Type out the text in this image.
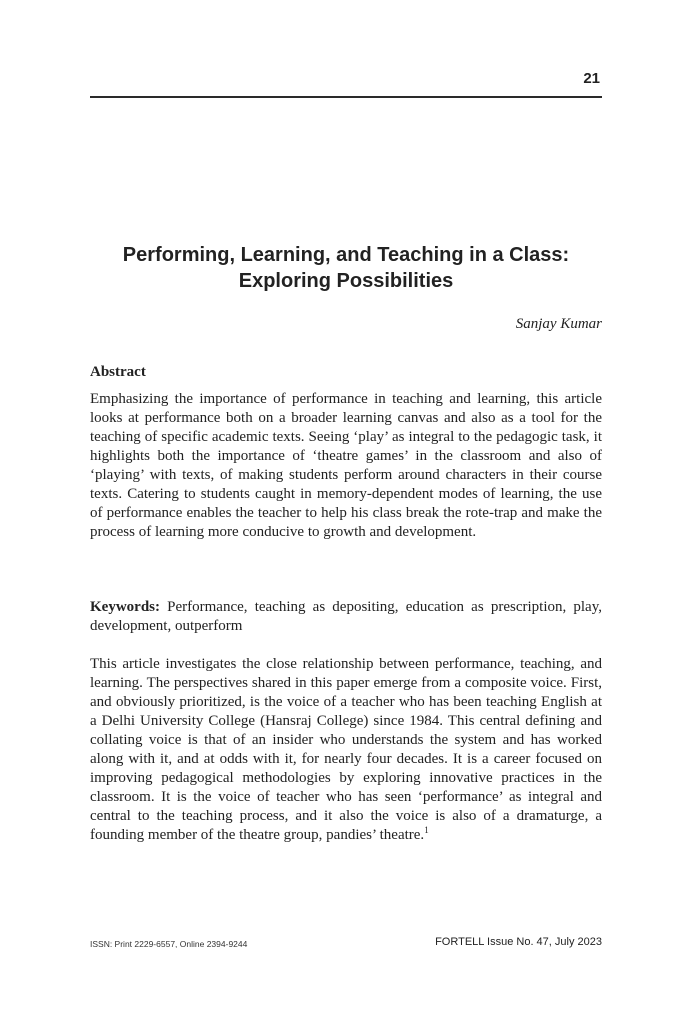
21
Performing, Learning, and Teaching in a Class:
Exploring Possibilities
Sanjay Kumar
Abstract

Emphasizing the importance of performance in teaching and learning, this article looks at performance both on a broader learning canvas and also as a tool for the teaching of specific academic texts. Seeing ‘play’ as integral to the pedagogic task, it highlights both the importance of ‘theatre games’ in the classroom and also of ‘playing’ with texts, of making students perform around characters in their course texts. Catering to students caught in memory-dependent modes of learning, the use of performance enables the teacher to help his class break the rote-trap and make the process of learning more conducive to growth and development.

Keywords: Performance, teaching as depositing, education as prescription, play, development, outperform

This article investigates the close relationship between performance, teaching, and learning. The perspectives shared in this paper emerge from a composite voice. First, and obviously prioritized, is the voice of a teacher who has been teaching English at a Delhi University College (Hansraj College) since 1984. This central defining and collating voice is that of an insider who understands the system and has worked along with it, and at odds with it, for nearly four decades. It is a career focused on improving pedagogical methodologies by exploring innovative practices in the classroom. It is the voice of teacher who has seen ‘performance’ as integral and central to the teaching process, and it also the voice is also of a dramaturge, a founding member of the theatre group, pandies’ theatre.$^1$

ISSN: Print 2229-6557, Online 2394-9244	FORTELL Issue No. 47, July 2023
